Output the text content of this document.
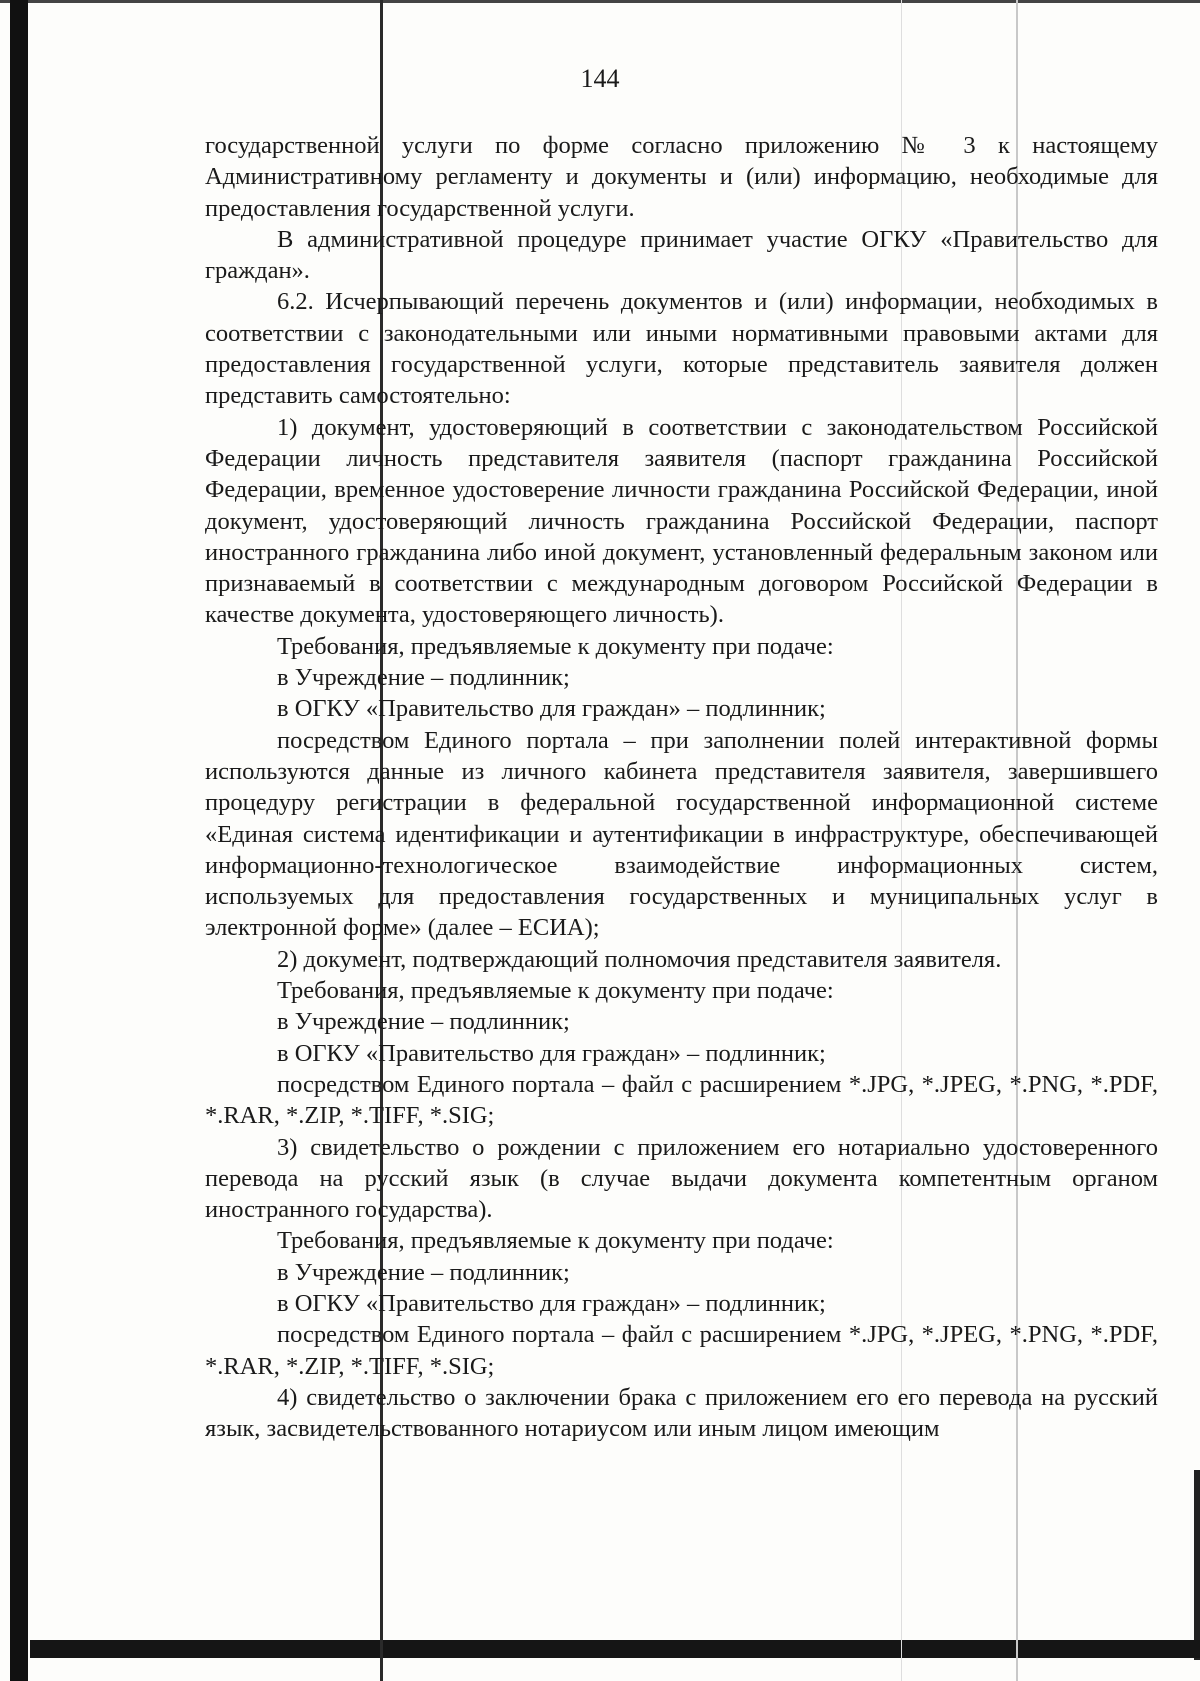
144

государственной услуги по форме согласно приложению № 3 к настоящему Административному регламенту и документы и (или) информацию, необходимые для предоставления государственной услуги.

В административной процедуре принимает участие ОГКУ «Правительство для граждан».

6.2. Исчерпывающий перечень документов и (или) информации, необходимых в соответствии с законодательными или иными нормативными правовыми актами для предоставления государственной услуги, которые представитель заявителя должен представить самостоятельно:

1) документ, удостоверяющий в соответствии с законодательством Российской Федерации личность представителя заявителя (паспорт гражданина Российской Федерации, временное удостоверение личности гражданина Российской Федерации, иной документ, удостоверяющий личность гражданина Российской Федерации, паспорт иностранного гражданина либо иной документ, установленный федеральным законом или признаваемый в соответствии с международным договором Российской Федерации в качестве документа, удостоверяющего личность).

Требования, предъявляемые к документу при подаче:

в Учреждение – подлинник;

в ОГКУ «Правительство для граждан» – подлинник;

посредством Единого портала – при заполнении полей интерактивной формы используются данные из личного кабинета представителя заявителя, завершившего процедуру регистрации в федеральной государственной информационной системе «Единая система идентификации и аутентификации в инфраструктуре, обеспечивающей информационно-технологическое взаимодействие информационных систем, используемых для предоставления государственных и муниципальных услуг в электронной форме» (далее – ЕСИА);

2) документ, подтверждающий полномочия представителя заявителя.

Требования, предъявляемые к документу при подаче:

в Учреждение – подлинник;

в ОГКУ «Правительство для граждан» – подлинник;

посредством Единого портала – файл с расширением *.JPG, *.JPEG, *.PNG, *.PDF, *.RAR, *.ZIP, *.TIFF, *.SIG;

3) свидетельство о рождении с приложением его нотариально удостоверенного перевода на русский язык (в случае выдачи документа компетентным органом иностранного государства).

Требования, предъявляемые к документу при подаче:

в Учреждение – подлинник;

в ОГКУ «Правительство для граждан» – подлинник;

посредством Единого портала – файл с расширением *.JPG, *.JPEG, *.PNG, *.PDF, *.RAR, *.ZIP, *.TIFF, *.SIG;

4) свидетельство о заключении брака с приложением его его перевода на русский язык, засвидетельствованного нотариусом или иным лицом имеющим
